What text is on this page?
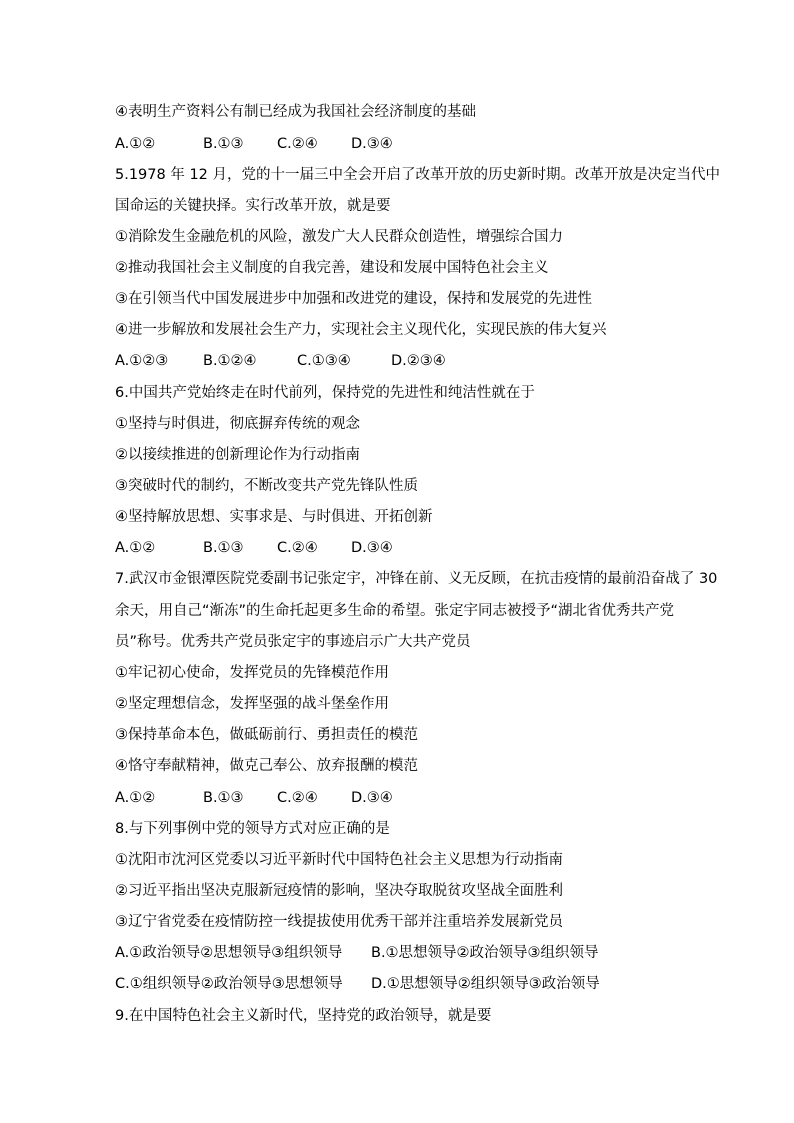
④表明生产资料公有制已经成为我国社会经济制度的基础
A.①②	B.①③	C.②④	D.③④
5.1978 年 12 月，党的十一届三中全会开启了改革开放的历史新时期。改革开放是决定当代中
国命运的关键抉择。实行改革开放，就是要
①消除发生金融危机的风险，激发广大人民群众创造性，增强综合国力
②推动我国社会主义制度的自我完善，建设和发展中国特色社会主义
③在引领当代中国发展进步中加强和改进党的建设，保持和发展党的先进性
④进一步解放和发展社会生产力，实现社会主义现代化，实现民族的伟大复兴
A.①②③	B.①②④	C.①③④	D.②③④
6.中国共产党始终走在时代前列，保持党的先进性和纯洁性就在于
①坚持与时俱进，彻底摒弃传统的观念
②以接续推进的创新理论作为行动指南
③突破时代的制约，不断改变共产党先锋队性质
④坚持解放思想、实事求是、与时俱进、开拓创新
A.①②	B.①③	C.②④	D.③④
7.武汉市金银潭医院党委副书记张定宇，冲锋在前、义无反顾，在抗击疫情的最前沿奋战了 30
余天，用自己“渐冻”的生命托起更多生命的希望。张定宇同志被授予“湖北省优秀共产党
员”称号。优秀共产党员张定宇的事迹启示广大共产党员
①牢记初心使命，发挥党员的先锋模范作用
②坚定理想信念，发挥坚强的战斗堡垒作用
③保持革命本色，做砥砺前行、勇担责任的模范
④恪守奉献精神，做克己奉公、放弃报酬的模范
A.①②	B.①③	C.②④	D.③④
8.与下列事例中党的领导方式对应正确的是
①沈阳市沈河区党委以习近平新时代中国特色社会主义思想为行动指南
②习近平指出坚决克服新冠疫情的影响，坚决夺取脱贫攻坚战全面胜利
③辽宁省党委在疫情防控一线提拔使用优秀干部并注重培养发展新党员
A.①政治领导②思想领导③组织领导	B.①思想领导②政治领导③组织领导
C.①组织领导②政治领导③思想领导	D.①思想领导②组织领导③政治领导
9.在中国特色社会主义新时代，坚持党的政治领导，就是要
